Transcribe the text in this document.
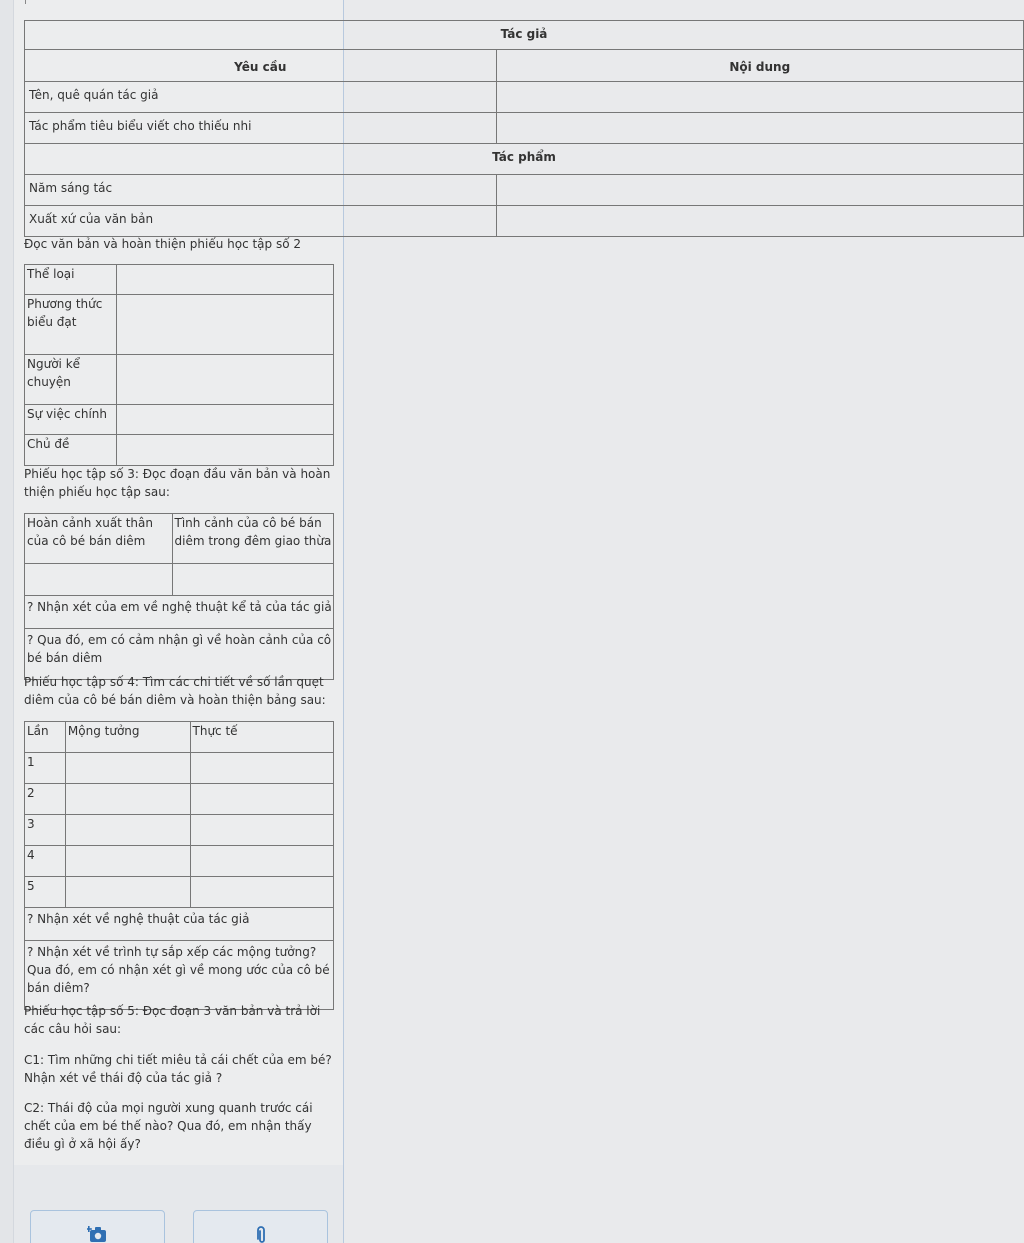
Tác giả	
Yêu cầu	Nội dung
Tên, quê quán tác giả	
Tác phẩm tiêu biểu viết cho thiếu nhi	
Tác phẩm	
Năm sáng tác	
Xuất xứ của văn bản	
Đọc văn bản và hoàn thiện phiếu học tập số 2
Thể loại	
Phương thức biểu đạt	
Người kể chuyện	
Sự việc chính	
Chủ đề	
Phiếu học tập số 3: Đọc đoạn đầu văn bản và hoàn thiện phiếu học tập sau:
Hoàn cảnh xuất thân của cô bé bán diêm	Tình cảnh của cô bé bán diêm trong đêm giao thừa

? Nhận xét của em về nghệ thuật kể tả của tác giả	
? Qua đó, em có cảm nhận gì về hoàn cảnh của cô bé bán diêm	
Phiếu học tập số 4: Tìm các chi tiết về số lần quẹt diêm của cô bé bán diêm và hoàn thiện bảng sau:
Lần	Mộng tưởng	Thực tế
1		
2		
3		
4		
5		
? Nhận xét về nghệ thuật của tác giả		
? Nhận xét về trình tự sắp xếp các mộng tưởng? Qua đó, em có nhận xét gì về mong ước của cô bé bán diêm?		
Phiếu học tập số 5: Đọc đoạn 3 văn bản và trả lời các câu hỏi sau:
C1: Tìm những chi tiết miêu tả cái chết của em bé? Nhận xét về thái độ của tác giả ?
C2: Thái độ của mọi người xung quanh trước cái chết của em bé thế nào? Qua đó, em nhận thấy điều gì ở xã hội ấy?
